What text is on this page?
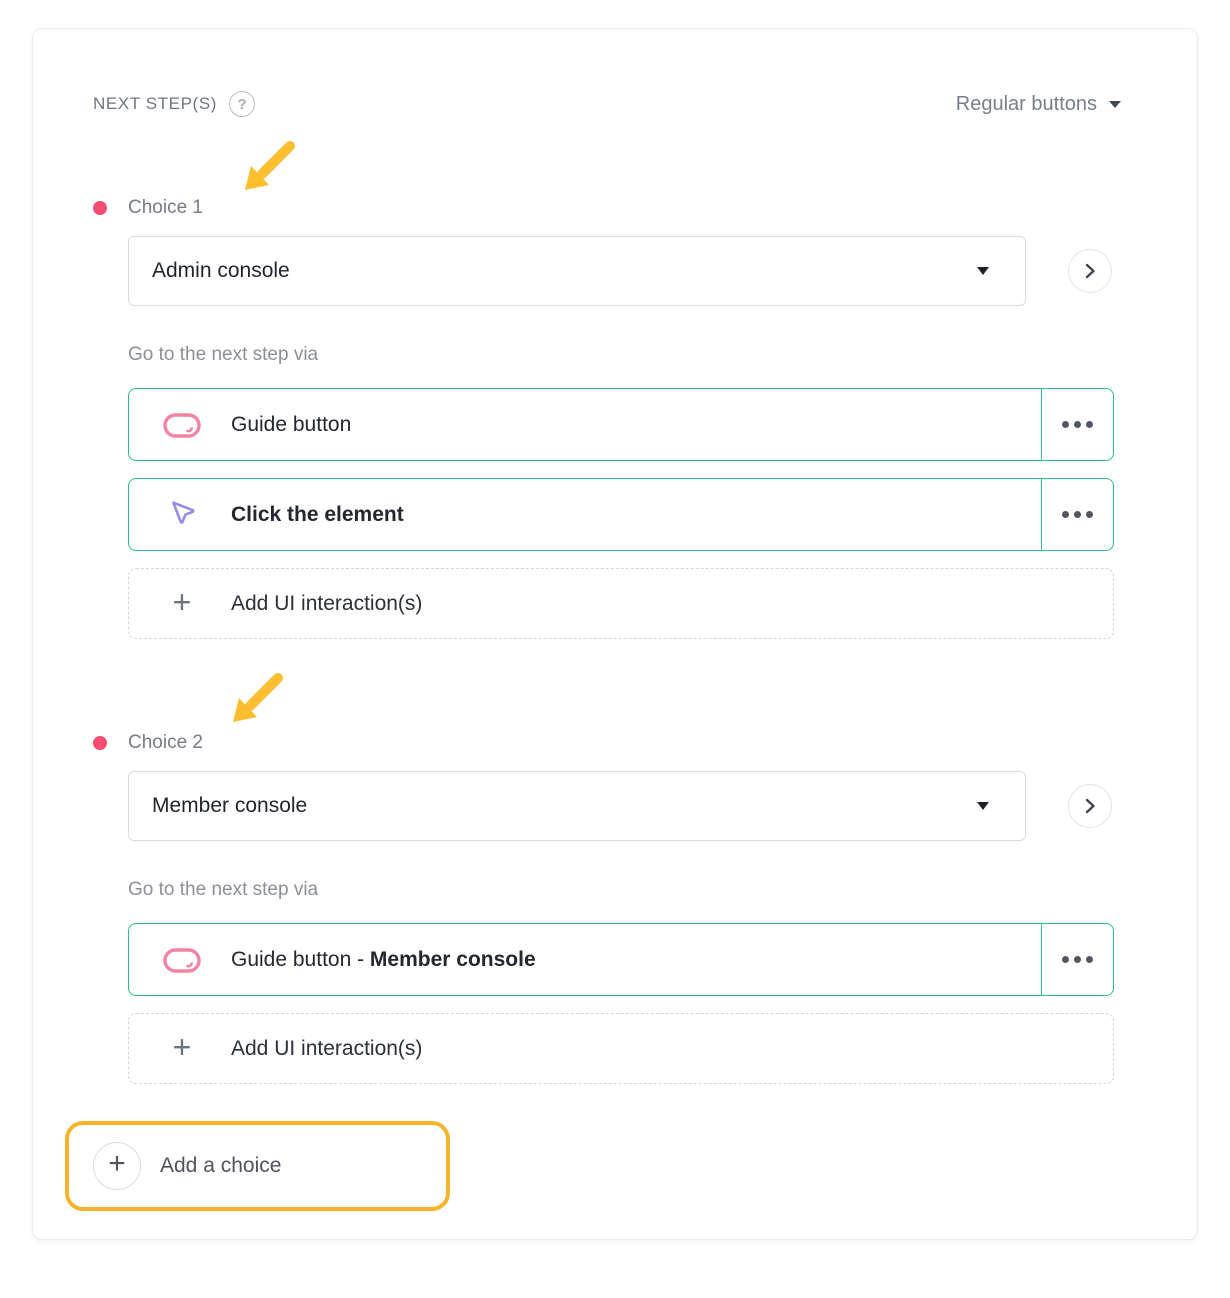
NEXT STEP(S) ?	Regular buttons
Choice 1
Admin console
Go to the next step via
Guide button
Click the element
+ Add UI interaction(s)
Choice 2
Member console
Go to the next step via
Guide button - Member console
+ Add UI interaction(s)
+ Add a choice
